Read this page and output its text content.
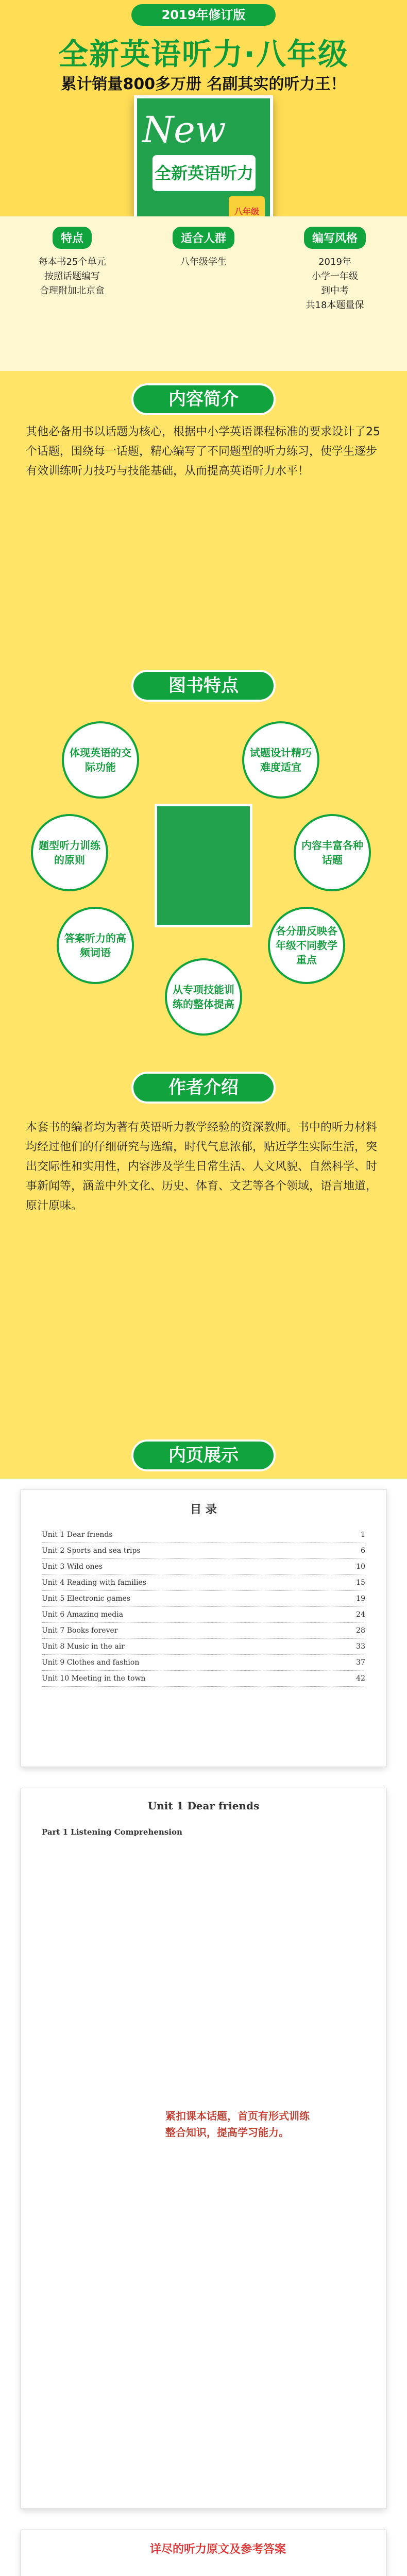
2019年修订版
全新英语听力·八年级
累计销量800多万册 名副其实的听力王！
New
全新英语听力
八年级
特点
每本书25个单元
按照话题编写
合理附加北京盒
适合人群
八年级学生
编写风格
2019年
小学一年级
到中考
共18本题量保
内容简介
其他必备用书以话题为核心，根据中小学英语课程标准的要求设计了25个话题，围绕每一话题，精心编写了不同题型的听力练习，使学生逐步有效训练听力技巧与技能基础，从而提高英语听力水平！
图书特点
体现英语的交际功能
试题设计精巧难度适宜
内容丰富各种话题
各分册反映各年级不同教学重点
从专项技能训练的整体提高
题型听力训练的原则
答案听力的高频词语
作者介绍
本套书的编者均为著有英语听力教学经验的资深教师。书中的听力材料均经过他们的仔细研究与选编，时代气息浓郁，贴近学生实际生活，突出交际性和实用性，内容涉及学生日常生活、人文风貌、自然科学、时事新闻等，涵盖中外文化、历史、体育、文艺等各个领域，语言地道，原汁原味。
内页展示
目 录
Unit 1 Dear friends	1
Unit 2 Sports and sea trips	6
Unit 3 Wild ones	10
Unit 4 Reading with families	15
Unit 5 Electronic games	19
Unit 6 Amazing media	24
Unit 7 Books forever	28
Unit 8 Music in the air	33
Unit 9 Clothes and fashion	37
Unit 10 Meeting in the town	42
Unit 1 Dear friends
Part 1 Listening Comprehension
紧扣课本话题，首页有形式训练
整合知识，提高学习能力。
详尽的听力原文及参考答案
